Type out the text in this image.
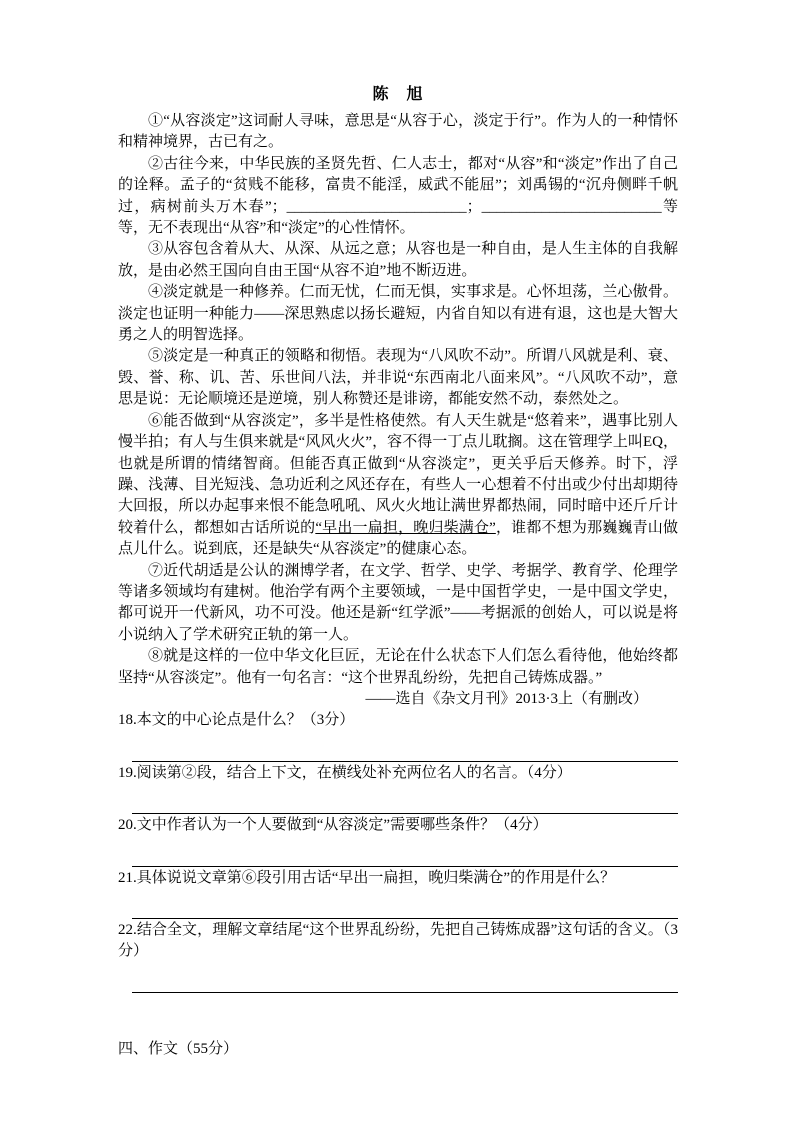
陈　旭

①“从容淡定”这词耐人寻味，意思是“从容于心，淡定于行”。作为人的一种情怀和精神境界，古已有之。

②古往今来，中华民族的圣贤先哲、仁人志士，都对“从容”和“淡定”作出了自己的诠释。孟子的“贫贱不能移，富贵不能淫，威武不能屈”；刘禹锡的“沉舟侧畔千帆过，病树前头万木春”；________________________；________________________等等，无不表现出“从容”和“淡定”的心性情怀。

③从容包含着从大、从深、从远之意；从容也是一种自由，是人生主体的自我解放，是由必然王国向自由王国“从容不迫”地不断迈进。

④淡定就是一种修养。仁而无忧，仁而无惧，实事求是。心怀坦荡，兰心傲骨。淡定也证明一种能力——深思熟虑以扬长避短，内省自知以有进有退，这也是大智大勇之人的明智选择。

⑤淡定是一种真正的领略和彻悟。表现为“八风吹不动”。所谓八风就是利、衰、毁、誉、称、讥、苦、乐世间八法，并非说“东西南北八面来风”。“八风吹不动”，意思是说：无论顺境还是逆境，别人称赞还是诽谤，都能安然不动，泰然处之。

⑥能否做到“从容淡定”，多半是性格使然。有人天生就是“悠着来”，遇事比别人慢半拍；有人与生俱来就是“风风火火”，容不得一丁点儿耽搁。这在管理学上叫EQ，也就是所谓的情绪智商。但能否真正做到“从容淡定”，更关乎后天修养。时下，浮躁、浅薄、目光短浅、急功近利之风还存在，有些人一心想着不付出或少付出却期待大回报，所以办起事来恨不能急吼吼、风火火地让满世界都热闹，同时暗中还斤斤计较着什么，都想如古话所说的“早出一扁担，晚归柴满仓”，谁都不想为那巍巍青山做点儿什么。说到底，还是缺失“从容淡定”的健康心态。

⑦近代胡适是公认的渊博学者，在文学、哲学、史学、考据学、教育学、伦理学等诸多领域均有建树。他治学有两个主要领域，一是中国哲学史，一是中国文学史，都可说开一代新风，功不可没。他还是新“红学派”——考据派的创始人，可以说是将小说纳入了学术研究正轨的第一人。

⑧就是这样的一位中华文化巨匠，无论在什么状态下人们怎么看待他，他始终都坚持“从容淡定”。他有一句名言：“这个世界乱纷纷，先把自己铸炼成器。”

——选自《杂文月刊》2013·3上（有删改）

18.本文的中心论点是什么？（3分）

19.阅读第②段，结合上下文，在横线处补充两位名人的名言。（4分）

20.文中作者认为一个人要做到“从容淡定”需要哪些条件？（4分）

21.具体说说文章第⑥段引用古话“早出一扁担，晚归柴满仓”的作用是什么？

22.结合全文，理解文章结尾“这个世界乱纷纷，先把自己铸炼成器”这句话的含义。（3分）

四、作文（55分）
